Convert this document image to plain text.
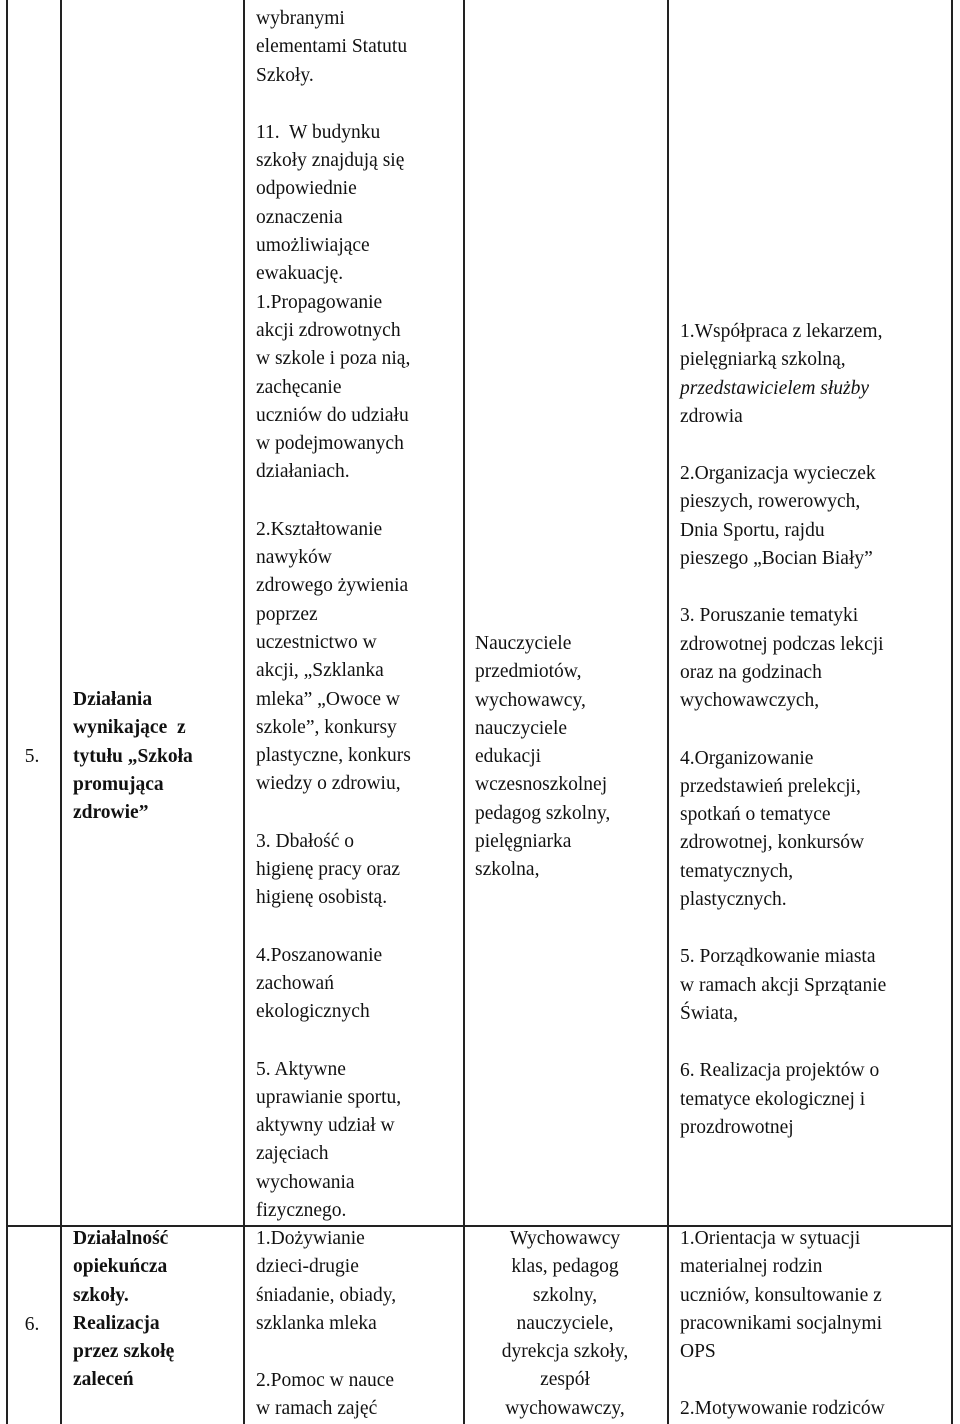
5.
Działania
wynikające  z
tytułu „Szkoła
promująca
zdrowie”
wybranymi
elementami Statutu
Szkoły.
11.  W budynku
szkoły znajdują się
odpowiednie
oznaczenia
umożliwiające
ewakuację.
1.Propagowanie
akcji zdrowotnych
w szkole i poza nią,
zachęcanie
uczniów do udziału
w podejmowanych
działaniach.
2.Kształtowanie
nawyków
zdrowego żywienia
poprzez
uczestnictwo w
akcji, „Szklanka
mleka” „Owoce w
szkole”, konkursy
plastyczne, konkurs
wiedzy o zdrowiu,
3. Dbałość o
higienę pracy oraz
higienę osobistą.
4.Poszanowanie
zachowań
ekologicznych
5. Aktywne
uprawianie sportu,
aktywny udział w
zajęciach
wychowania
fizycznego.
Nauczyciele
przedmiotów,
wychowawcy,
nauczyciele
edukacji
wczesnoszkolnej
pedagog szkolny,
pielęgniarka
szkolna,
1.Współpraca z lekarzem,
pielęgniarką szkolną,
przedstawicielem służby
zdrowia
2.Organizacja wycieczek
pieszych, rowerowych,
Dnia Sportu, rajdu
pieszego „Bocian Biały”
3. Poruszanie tematyki
zdrowotnej podczas lekcji
oraz na godzinach
wychowawczych,
4.Organizowanie
przedstawień prelekcji,
spotkań o tematyce
zdrowotnej, konkursów
tematycznych,
plastycznych.
5. Porządkowanie miasta
w ramach akcji Sprzątanie
Świata,
6. Realizacja projektów o
tematyce ekologicznej i
prozdrowotnej
6.
Działalność
opiekuńcza
szkoły.
Realizacja
przez szkołę
zaleceń
1.Dożywianie
dzieci-drugie
śniadanie, obiady,
szklanka mleka
2.Pomoc w nauce
w ramach zajęć
Wychowawcy
klas, pedagog
szkolny,
nauczyciele,
dyrekcja szkoły,
zespół
wychowawczy,
1.Orientacja w sytuacji
materialnej rodzin
uczniów, konsultowanie z
pracownikami socjalnymi
OPS
2.Motywowanie rodziców
